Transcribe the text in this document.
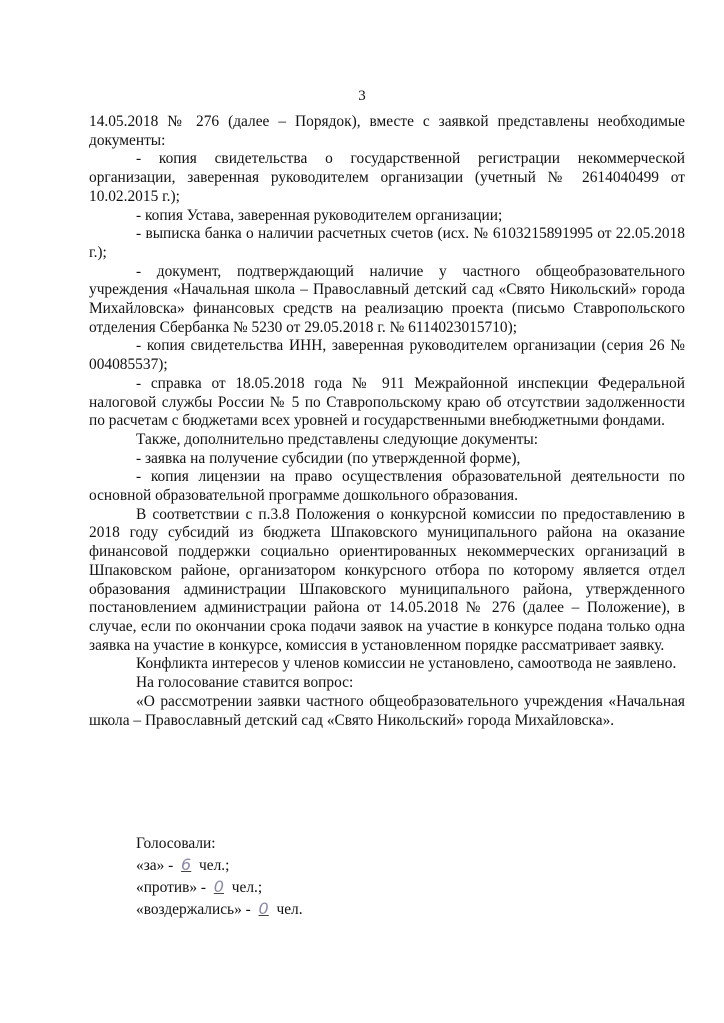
3

14.05.2018 № 276 (далее – Порядок), вместе с заявкой представлены необходимые документы:

- копия свидетельства о государственной регистрации некоммерческой организации, заверенная руководителем организации (учетный № 2614040499 от 10.02.2015 г.);

- копия Устава, заверенная руководителем организации;

- выписка банка о наличии расчетных счетов (исх. № 6103215891995 от 22.05.2018 г.);

- документ, подтверждающий наличие у частного общеобразовательного учреждения «Начальная школа – Православный детский сад «Свято Никольский» города Михайловска» финансовых средств на реализацию проекта (письмо Ставропольского отделения Сбербанка № 5230 от 29.05.2018 г. № 6114023015710);

- копия свидетельства ИНН, заверенная руководителем организации (серия 26 № 004085537);

- справка от 18.05.2018 года № 911 Межрайонной инспекции Федеральной налоговой службы России № 5 по Ставропольскому краю об отсутствии задолженности по расчетам с бюджетами всех уровней и государственными внебюджетными фондами.

Также, дополнительно представлены следующие документы:

- заявка на получение субсидии (по утвержденной форме),

- копия лицензии на право осуществления образовательной деятельности по основной образовательной программе дошкольного образования.

В соответствии с п.3.8 Положения о конкурсной комиссии по предоставлению в 2018 году субсидий из бюджета Шпаковского муниципального района на оказание финансовой поддержки социально ориентированных некоммерческих организаций в Шпаковском районе, организатором конкурсного отбора по которому является отдел образования администрации Шпаковского муниципального района, утвержденного постановлением администрации района от 14.05.2018 № 276 (далее – Положение), в случае, если по окончании срока подачи заявок на участие в конкурсе подана только одна заявка на участие в конкурсе, комиссия в установленном порядке рассматривает заявку.

Конфликта интересов у членов комиссии не установлено, самоотвода не заявлено.

На голосование ставится вопрос:

«О рассмотрении заявки частного общеобразовательного учреждения «Начальная школа – Православный детский сад «Свято Никольский» города Михайловска».

Голосовали:
«за» - 6 чел.;
«против» - 0 чел.;
«воздержались» - 0 чел.
